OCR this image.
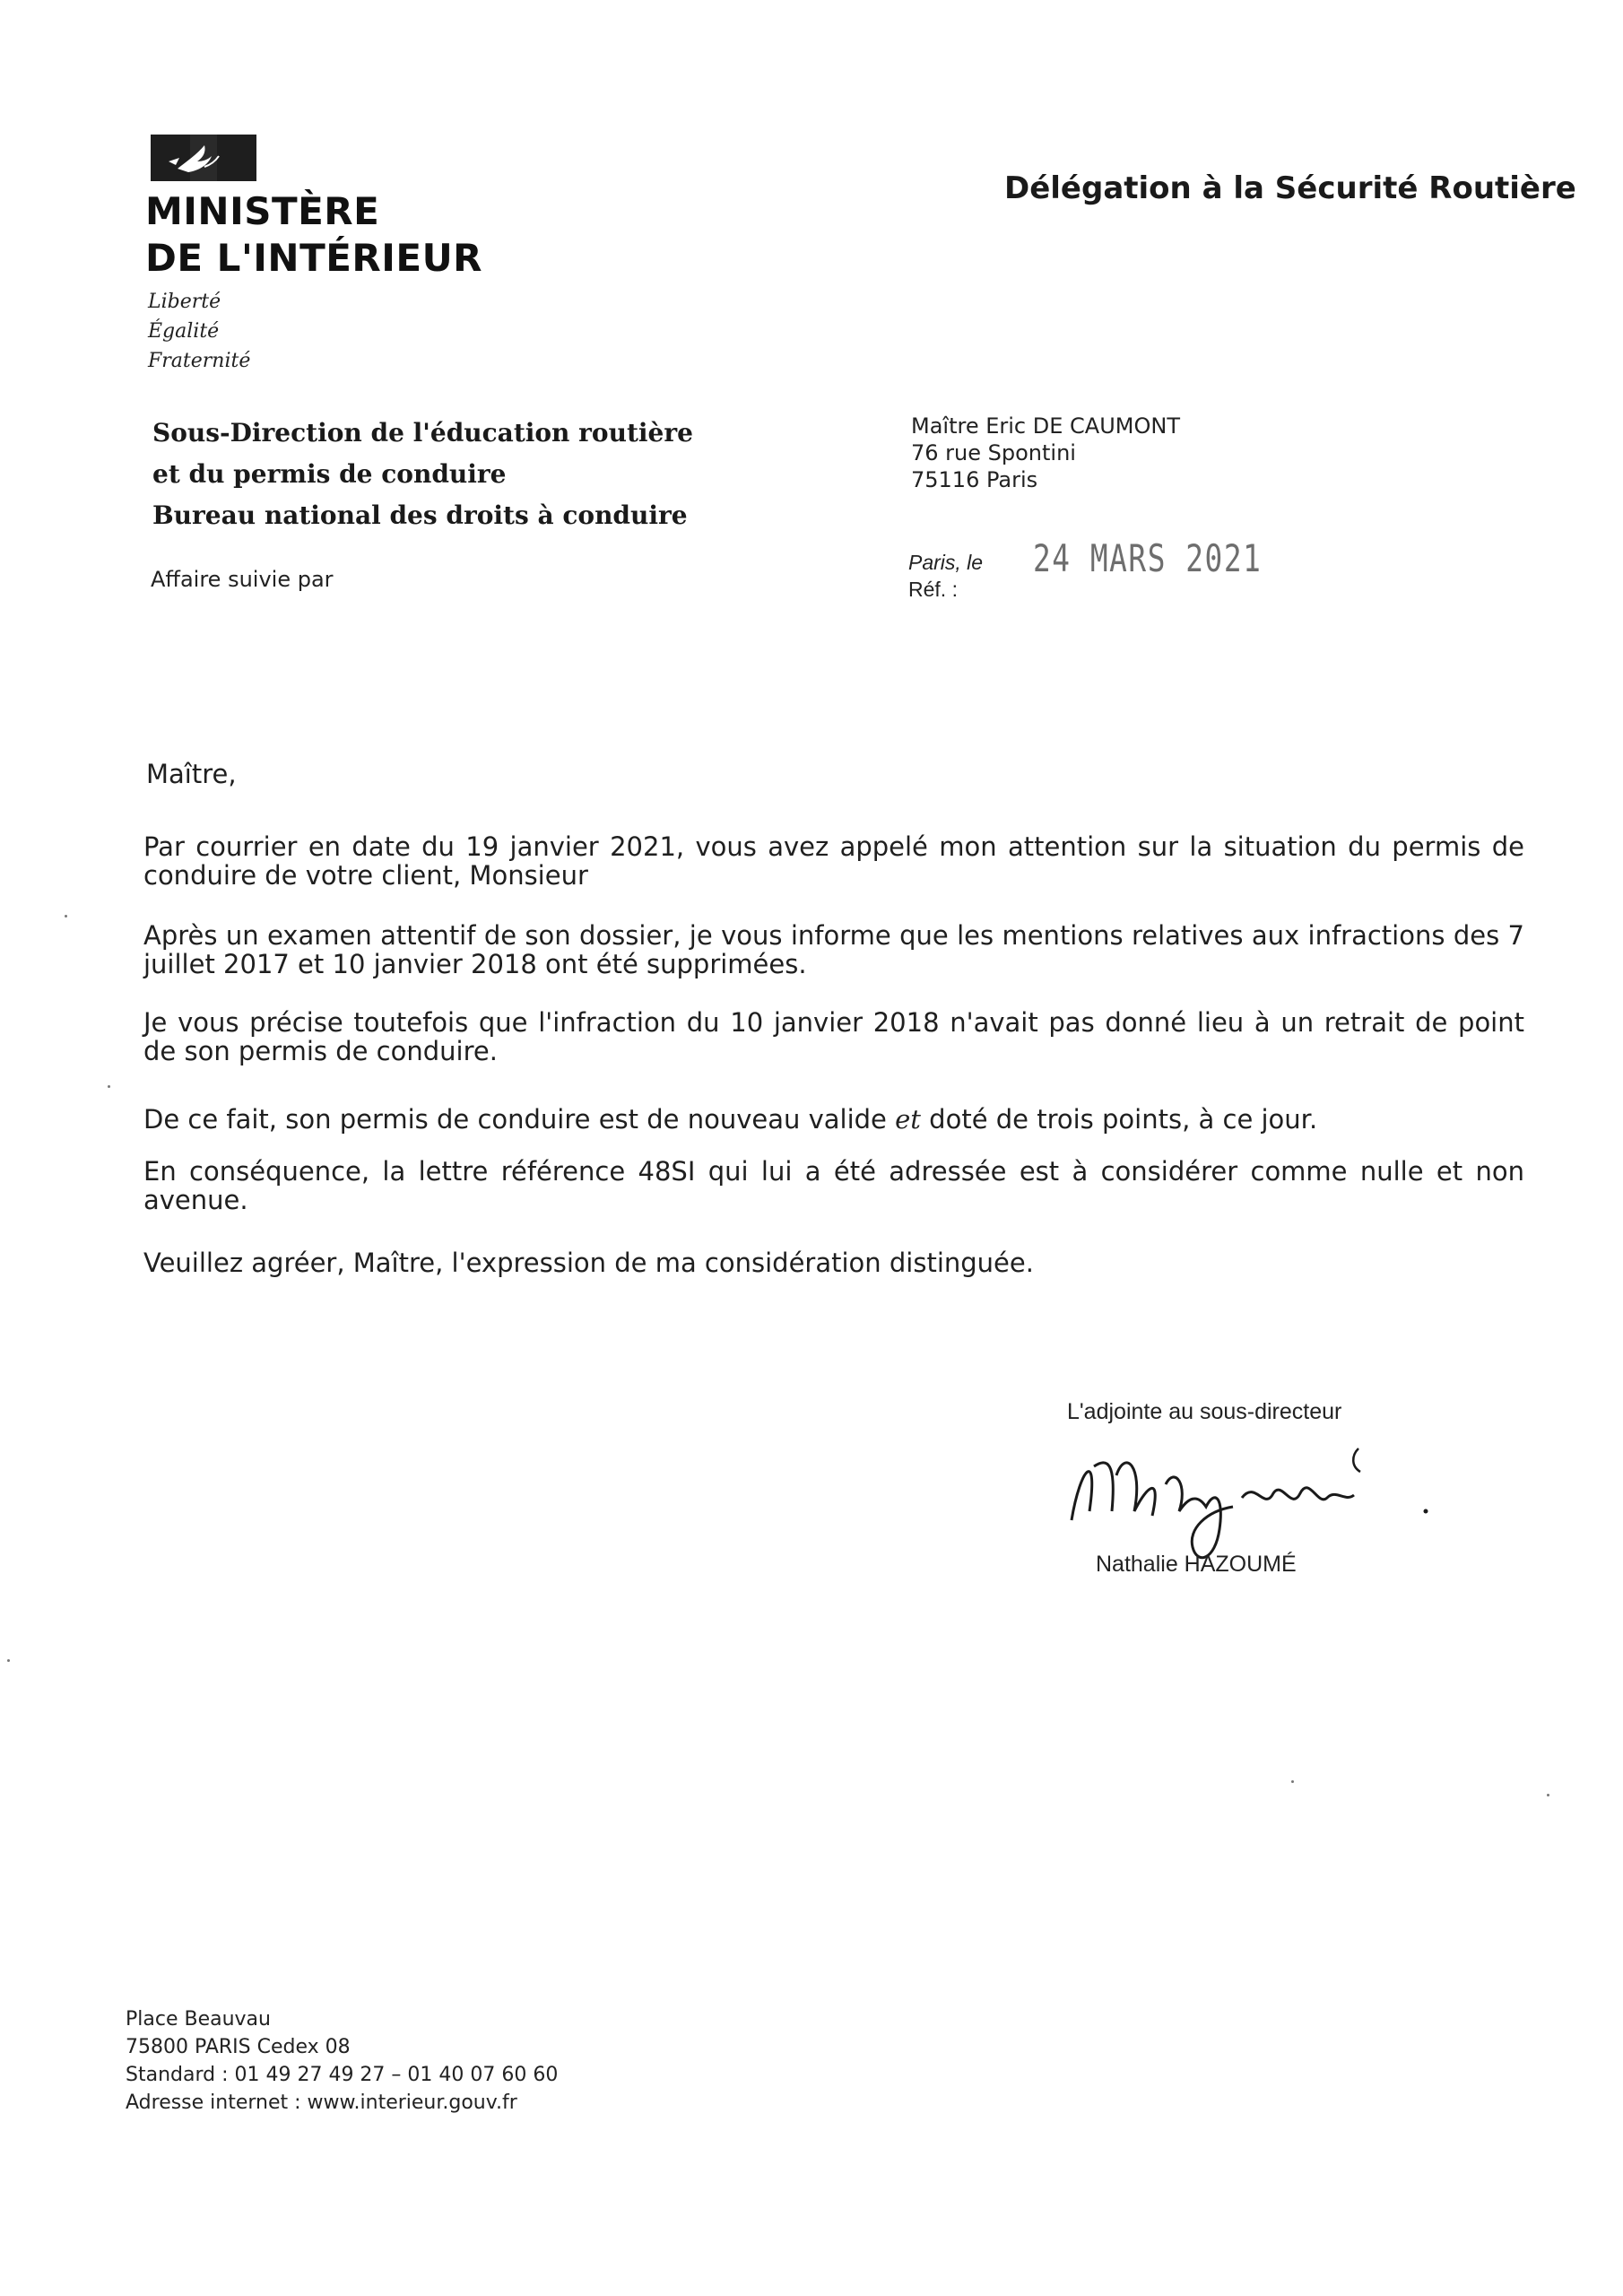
MINISTÈRE
DE L'INTÉRIEUR
Liberté
Égalité
Fraternité
Délégation à la Sécurité Routière
Sous-Direction de l'éducation routière
et du permis de conduire
Bureau national des droits à conduire
Affaire suivie par
Maître Eric DE CAUMONT
76 rue Spontini
75116 Paris
Paris, le
Réf. :
24 MARS 2021
Maître,
Par courrier en date du 19 janvier 2021, vous avez appelé mon attention sur la situation du permis de conduire de votre client, Monsieur
Après un examen attentif de son dossier, je vous informe que les mentions relatives aux infractions des 7 juillet 2017 et 10 janvier 2018 ont été supprimées.
Je vous précise toutefois que l'infraction du 10 janvier 2018 n'avait pas donné lieu à un retrait de point de son permis de conduire.
De ce fait, son permis de conduire est de nouveau valide et doté de trois points, à ce jour.
En conséquence, la lettre référence 48SI qui lui a été adressée est à considérer comme nulle et non avenue.
Veuillez agréer, Maître, l'expression de ma considération distinguée.
L'adjointe au sous-directeur
Nathalie HAZOUMÉ
Place Beauvau
75800 PARIS Cedex 08
Standard : 01 49 27 49 27 – 01 40 07 60 60
Adresse internet : www.interieur.gouv.fr
